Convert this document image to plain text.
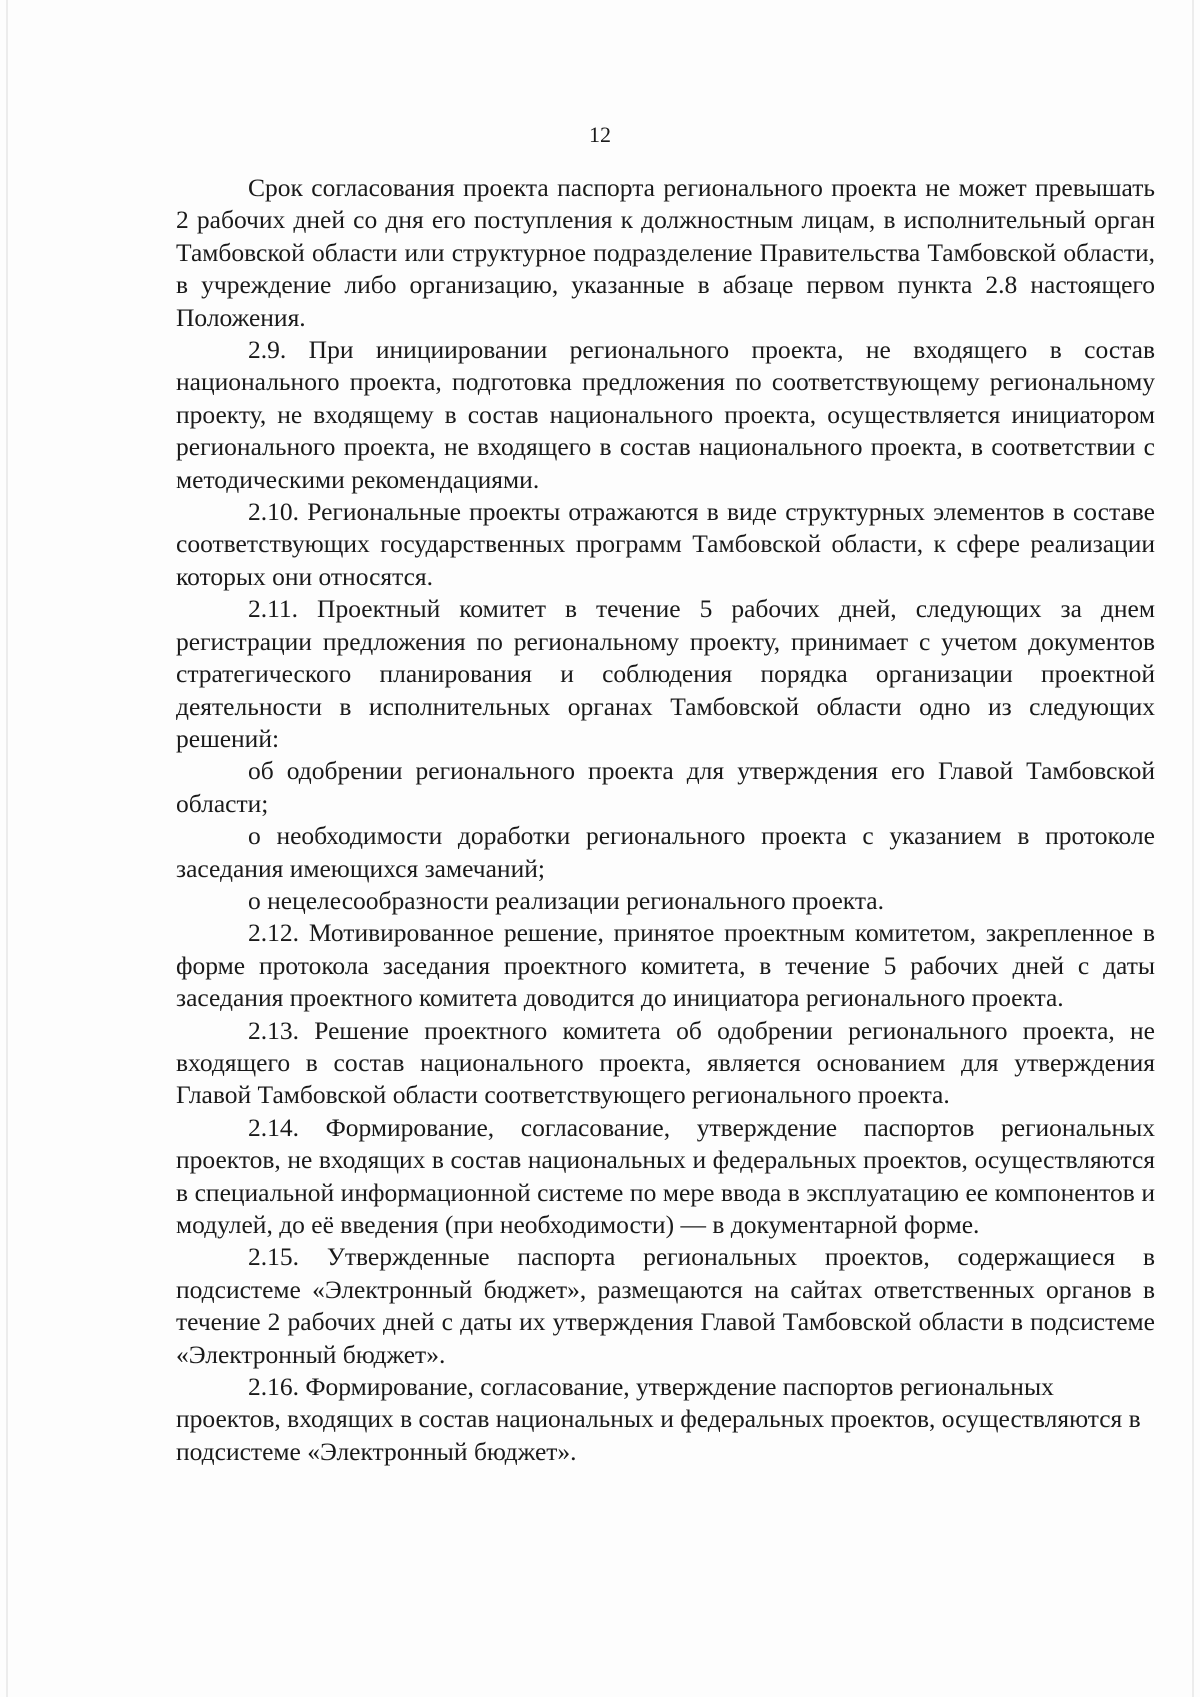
12

Срок согласования проекта паспорта регионального проекта не может превышать 2 рабочих дней со дня его поступления к должностным лицам, в исполнительный орган Тамбовской области или структурное подразделение Правительства Тамбовской области, в учреждение либо организацию, указанные в абзаце первом пункта 2.8 настоящего Положения.

2.9. При инициировании регионального проекта, не входящего в состав национального проекта, подготовка предложения по соответствующему региональному проекту, не входящему в состав национального проекта, осуществляется инициатором регионального проекта, не входящего в состав национального проекта, в соответствии с методическими рекомендациями.

2.10. Региональные проекты отражаются в виде структурных элементов в составе соответствующих государственных программ Тамбовской области, к сфере реализации которых они относятся.

2.11. Проектный комитет в течение 5 рабочих дней, следующих за днем регистрации предложения по региональному проекту, принимает с учетом документов стратегического планирования и соблюдения порядка организации проектной деятельности в исполнительных органах Тамбовской области одно из следующих решений:

об одобрении регионального проекта для утверждения его Главой Тамбовской области;

о необходимости доработки регионального проекта с указанием в протоколе заседания имеющихся замечаний;

о нецелесообразности реализации регионального проекта.

2.12. Мотивированное решение, принятое проектным комитетом, закрепленное в форме протокола заседания проектного комитета, в течение 5 рабочих дней с даты заседания проектного комитета доводится до инициатора регионального проекта.

2.13. Решение проектного комитета об одобрении регионального проекта, не входящего в состав национального проекта, является основанием для утверждения Главой Тамбовской области соответствующего регионального проекта.

2.14. Формирование, согласование, утверждение паспортов региональных проектов, не входящих в состав национальных и федеральных проектов, осуществляются в специальной информационной системе по мере ввода в эксплуатацию ее компонентов и модулей, до её введения (при необходимости) — в документарной форме.

2.15. Утвержденные паспорта региональных проектов, содержащиеся в подсистеме «Электронный бюджет», размещаются на сайтах ответственных органов в течение 2 рабочих дней с даты их утверждения Главой Тамбовской области в подсистеме «Электронный бюджет».

2.16. Формирование, согласование, утверждение паспортов региональных проектов, входящих в состав национальных и федеральных проектов, осуществляются в подсистеме «Электронный бюджет».
